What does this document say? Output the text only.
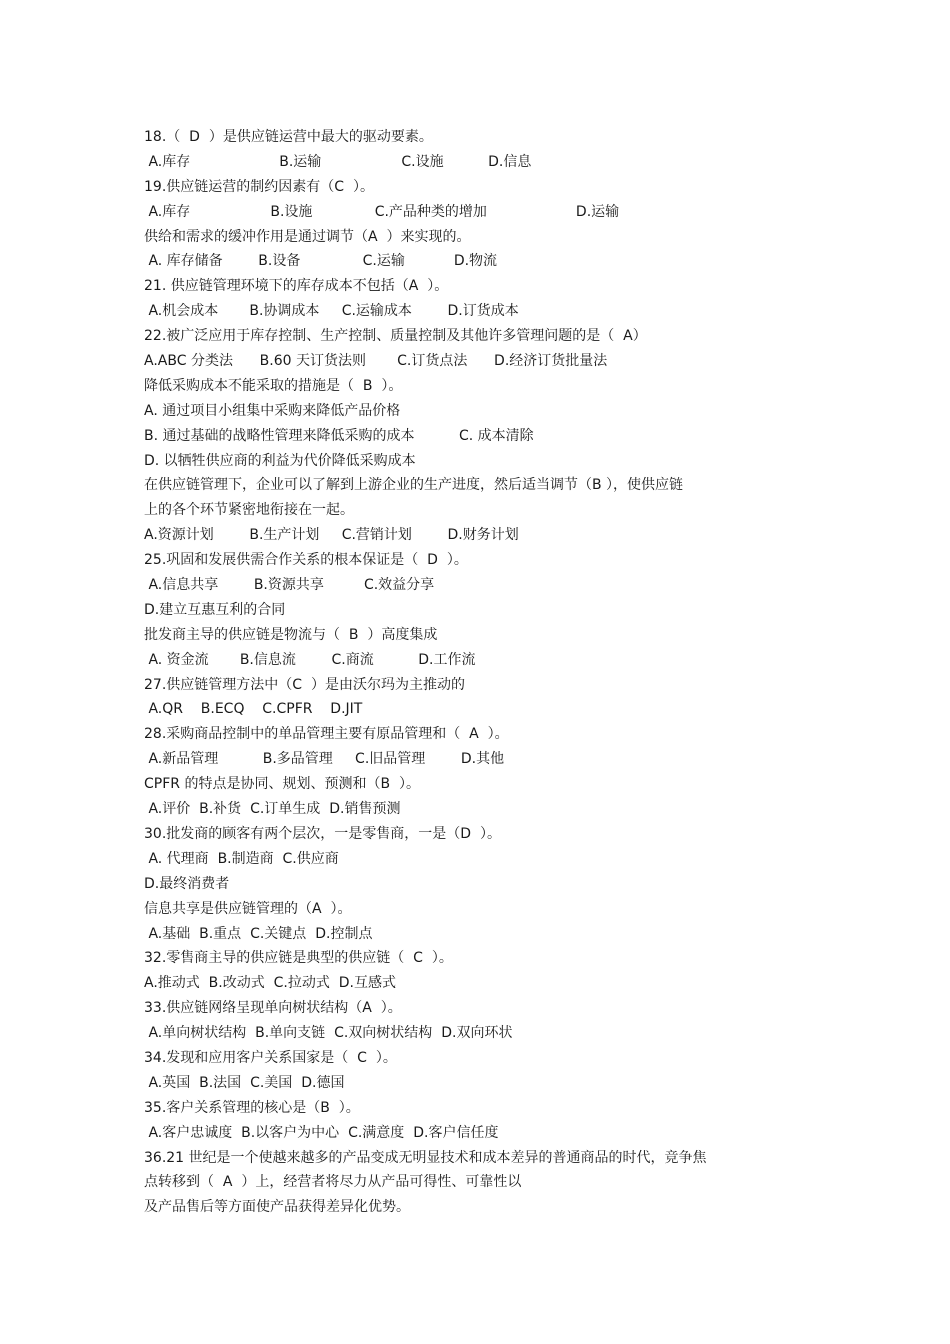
18.（  D  ）是供应链运营中最大的驱动要素。
A.库存                    B.运输                  C.设施          D.信息
19.供应链运营的制约因素有（C  ）。
A.库存                  B.设施              C.产品种类的增加                    D.运输
供给和需求的缓冲作用是通过调节（A  ）来实现的。
A. 库存储备        B.设备              C.运输           D.物流
21. 供应链管理环境下的库存成本不包括（A  ）。
A.机会成本       B.协调成本     C.运输成本        D.订货成本
22.被广泛应用于库存控制、生产控制、质量控制及其他许多管理问题的是（  A）
A.ABC 分类法      B.60 天订货法则       C.订货点法      D.经济订货批量法
降低采购成本不能采取的措施是（  B  ）。
A. 通过项目小组集中采购来降低产品价格
B. 通过基础的战略性管理来降低采购的成本          C. 成本清除
D. 以牺牲供应商的利益为代价降低采购成本
在供应链管理下，企业可以了解到上游企业的生产进度，然后适当调节（B ），使供应链
上的各个环节紧密地衔接在一起。
A.资源计划        B.生产计划     C.营销计划        D.财务计划
25.巩固和发展供需合作关系的根本保证是（  D  ）。
A.信息共享        B.资源共享         C.效益分享
D.建立互惠互利的合同
批发商主导的供应链是物流与（  B  ）高度集成
A. 资金流       B.信息流        C.商流          D.工作流
27.供应链管理方法中（C  ）是由沃尔玛为主推动的
A.QR    B.ECQ    C.CPFR    D.JIT
28.采购商品控制中的单品管理主要有原品管理和（  A  ）。
A.新品管理          B.多品管理     C.旧品管理        D.其他
CPFR 的特点是协同、规划、预测和（B  ）。
A.评价  B.补货  C.订单生成  D.销售预测
30.批发商的顾客有两个层次，一是零售商，一是（D  ）。
A. 代理商  B.制造商  C.供应商
D.最终消费者
信息共享是供应链管理的（A  ）。
A.基础  B.重点  C.关键点  D.控制点
32.零售商主导的供应链是典型的供应链（  C  ）。
A.推动式  B.改动式  C.拉动式  D.互感式
33.供应链网络呈现单向树状结构（A  ）。
A.单向树状结构  B.单向支链  C.双向树状结构  D.双向环状
34.发现和应用客户关系国家是（  C  ）。
A.英国  B.法国  C.美国  D.德国
35.客户关系管理的核心是（B  ）。
A.客户忠诚度  B.以客户为中心  C.满意度  D.客户信任度
36.21 世纪是一个使越来越多的产品变成无明显技术和成本差异的普通商品的时代，竞争焦
点转移到（  A  ）上，经营者将尽力从产品可得性、可靠性以
及产品售后等方面使产品获得差异化优势。
